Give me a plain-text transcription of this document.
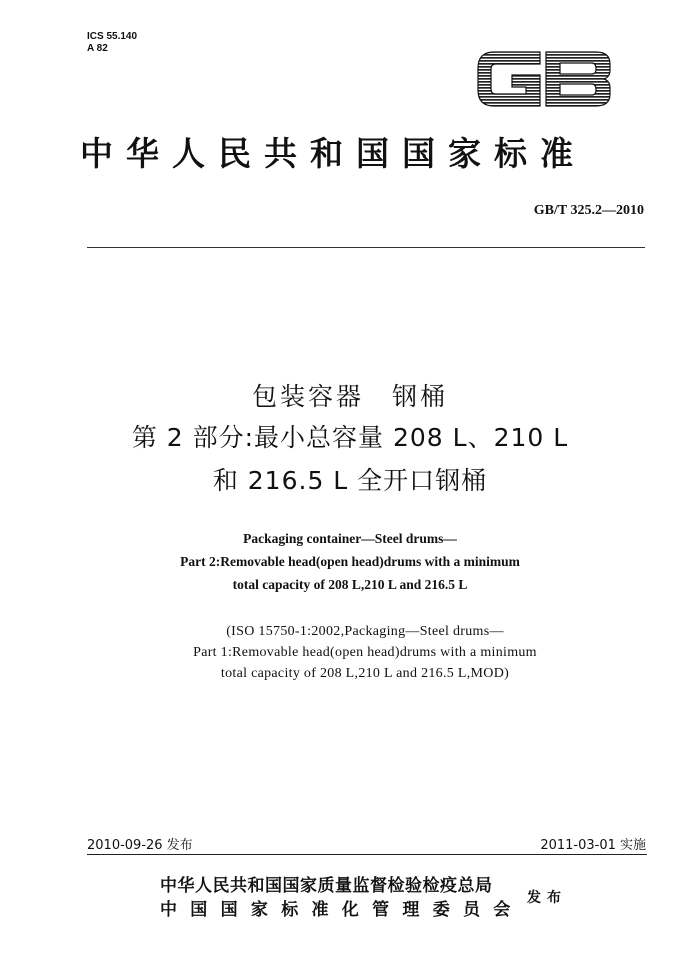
ICS 55.140
A 82
中华人民共和国国家标准
GB/T 325.2—2010
包装容器　钢桶
第 2 部分:最小总容量 208 L、210 L
和 216.5 L 全开口钢桶
Packaging container—Steel drums—
Part 2:Removable head(open head)drums with a minimum
total capacity of 208 L,210 L and 216.5 L
(ISO 15750-1:2002,Packaging—Steel drums—
Part 1:Removable head(open head)drums with a minimum
total capacity of 208 L,210 L and 216.5 L,MOD)
2010-09-26 发布	2011-03-01 实施
中华人民共和国国家质量监督检验检疫总局
中国国家标准化管理委员会
发布
